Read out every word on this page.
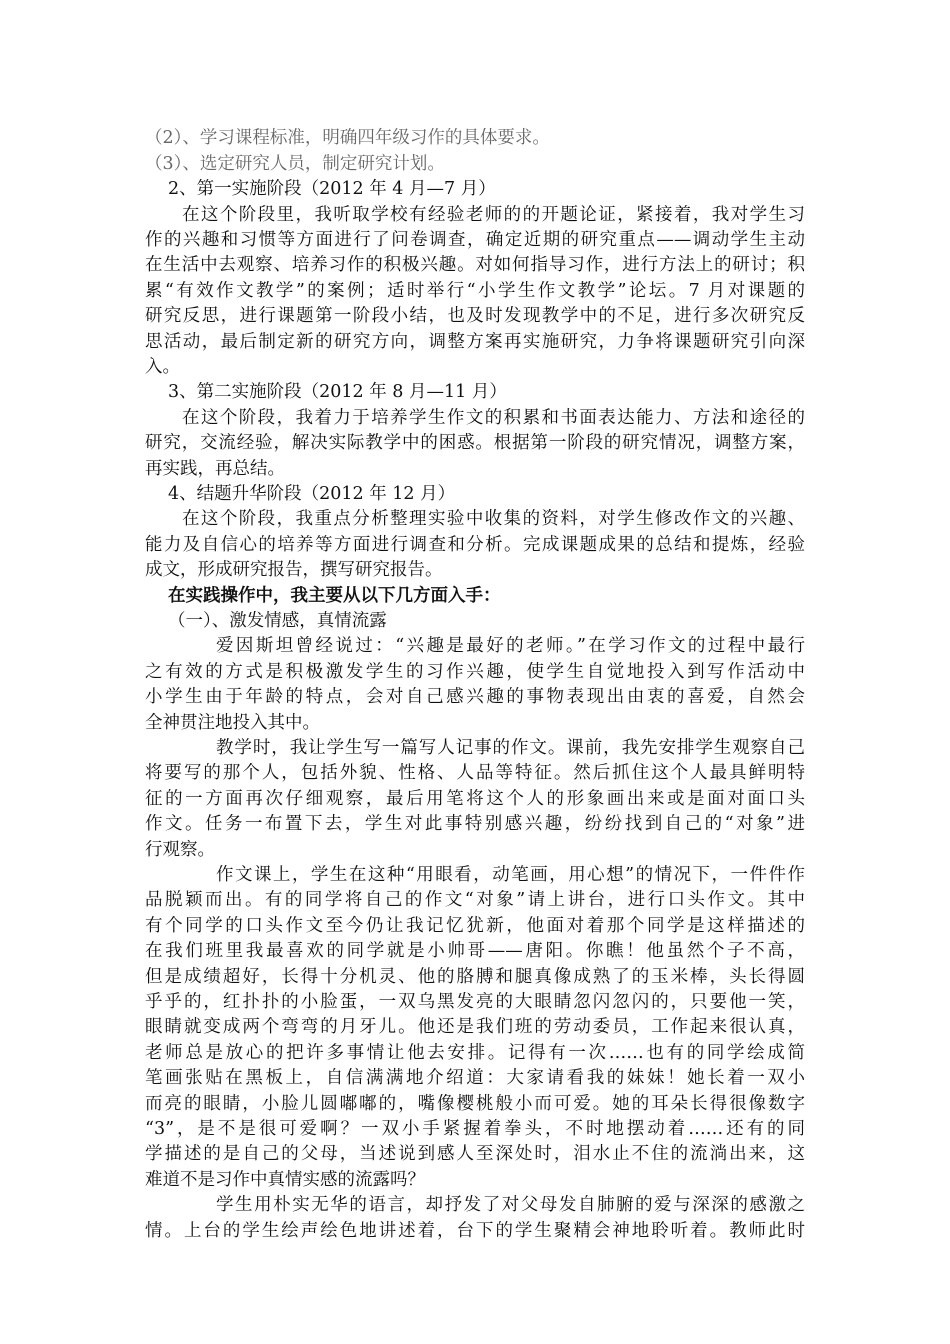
（2）、学习课程标准，明确四年级习作的具体要求。
（3）、选定研究人员，制定研究计划。
2、第一实施阶段（2012 年 4 月—7 月）
在这个阶段里，我听取学校有经验老师的的开题论证，紧接着，我对学生习
作的兴趣和习惯等方面进行了问卷调查，确定近期的研究重点——调动学生主动
在生活中去观察、培养习作的积极兴趣。对如何指导习作，进行方法上的研讨；积
累“有效作文教学”的案例；适时举行“小学生作文教学”论坛。7 月对课题的
研究反思，进行课题第一阶段小结，也及时发现教学中的不足，进行多次研究反
思活动，最后制定新的研究方向，调整方案再实施研究，力争将课题研究引向深
入。
3、第二实施阶段（2012 年 8 月—11 月）
在这个阶段，我着力于培养学生作文的积累和书面表达能力、方法和途径的
研究，交流经验，解决实际教学中的困惑。根据第一阶段的研究情况，调整方案，
再实践，再总结。
4、结题升华阶段（2012 年 12 月）
在这个阶段，我重点分析整理实验中收集的资料，对学生修改作文的兴趣、
能力及自信心的培养等方面进行调查和分析。完成课题成果的总结和提炼，经验
成文，形成研究报告，撰写研究报告。
在实践操作中，我主要从以下几方面入手：
（一）、激发情感，真情流露
爱因斯坦曾经说过：“兴趣是最好的老师。”在学习作文的过程中最行
之有效的方式是积极激发学生的习作兴趣，使学生自觉地投入到写作活动中
小学生由于年龄的特点，会对自己感兴趣的事物表现出由衷的喜爱，自然会
全神贯注地投入其中。
教学时，我让学生写一篇写人记事的作文。课前，我先安排学生观察自己
将要写的那个人，包括外貌、性格、人品等特征。然后抓住这个人最具鲜明特
征的一方面再次仔细观察，最后用笔将这个人的形象画出来或是面对面口头
作文。任务一布置下去，学生对此事特别感兴趣，纷纷找到自己的“对象”进
行观察。
作文课上，学生在这种“用眼看，动笔画，用心想”的情况下，一件件作
品脱颖而出。有的同学将自己的作文“对象”请上讲台，进行口头作文。其中
有个同学的口头作文至今仍让我记忆犹新，他面对着那个同学是这样描述的
在我们班里我最喜欢的同学就是小帅哥——唐阳。你瞧！他虽然个子不高，
但是成绩超好，长得十分机灵、他的胳膊和腿真像成熟了的玉米棒，头长得圆
乎乎的，红扑扑的小脸蛋，一双乌黑发亮的大眼睛忽闪忽闪的，只要他一笑，
眼睛就变成两个弯弯的月牙儿。他还是我们班的劳动委员，工作起来很认真，
老师总是放心的把许多事情让他去安排。记得有一次……也有的同学绘成简
笔画张贴在黑板上，自信满满地介绍道：大家请看我的妹妹！她长着一双小
而亮的眼睛，小脸儿圆嘟嘟的，嘴像樱桃般小而可爱。她的耳朵长得很像数字
“3”，是不是很可爱啊？一双小手紧握着拳头，不时地摆动着……还有的同
学描述的是自己的父母，当述说到感人至深处时，泪水止不住的流淌出来，这
难道不是习作中真情实感的流露吗？
学生用朴实无华的语言，却抒发了对父母发自肺腑的爱与深深的感激之
情。上台的学生绘声绘色地讲述着，台下的学生聚精会神地聆听着。教师此时
